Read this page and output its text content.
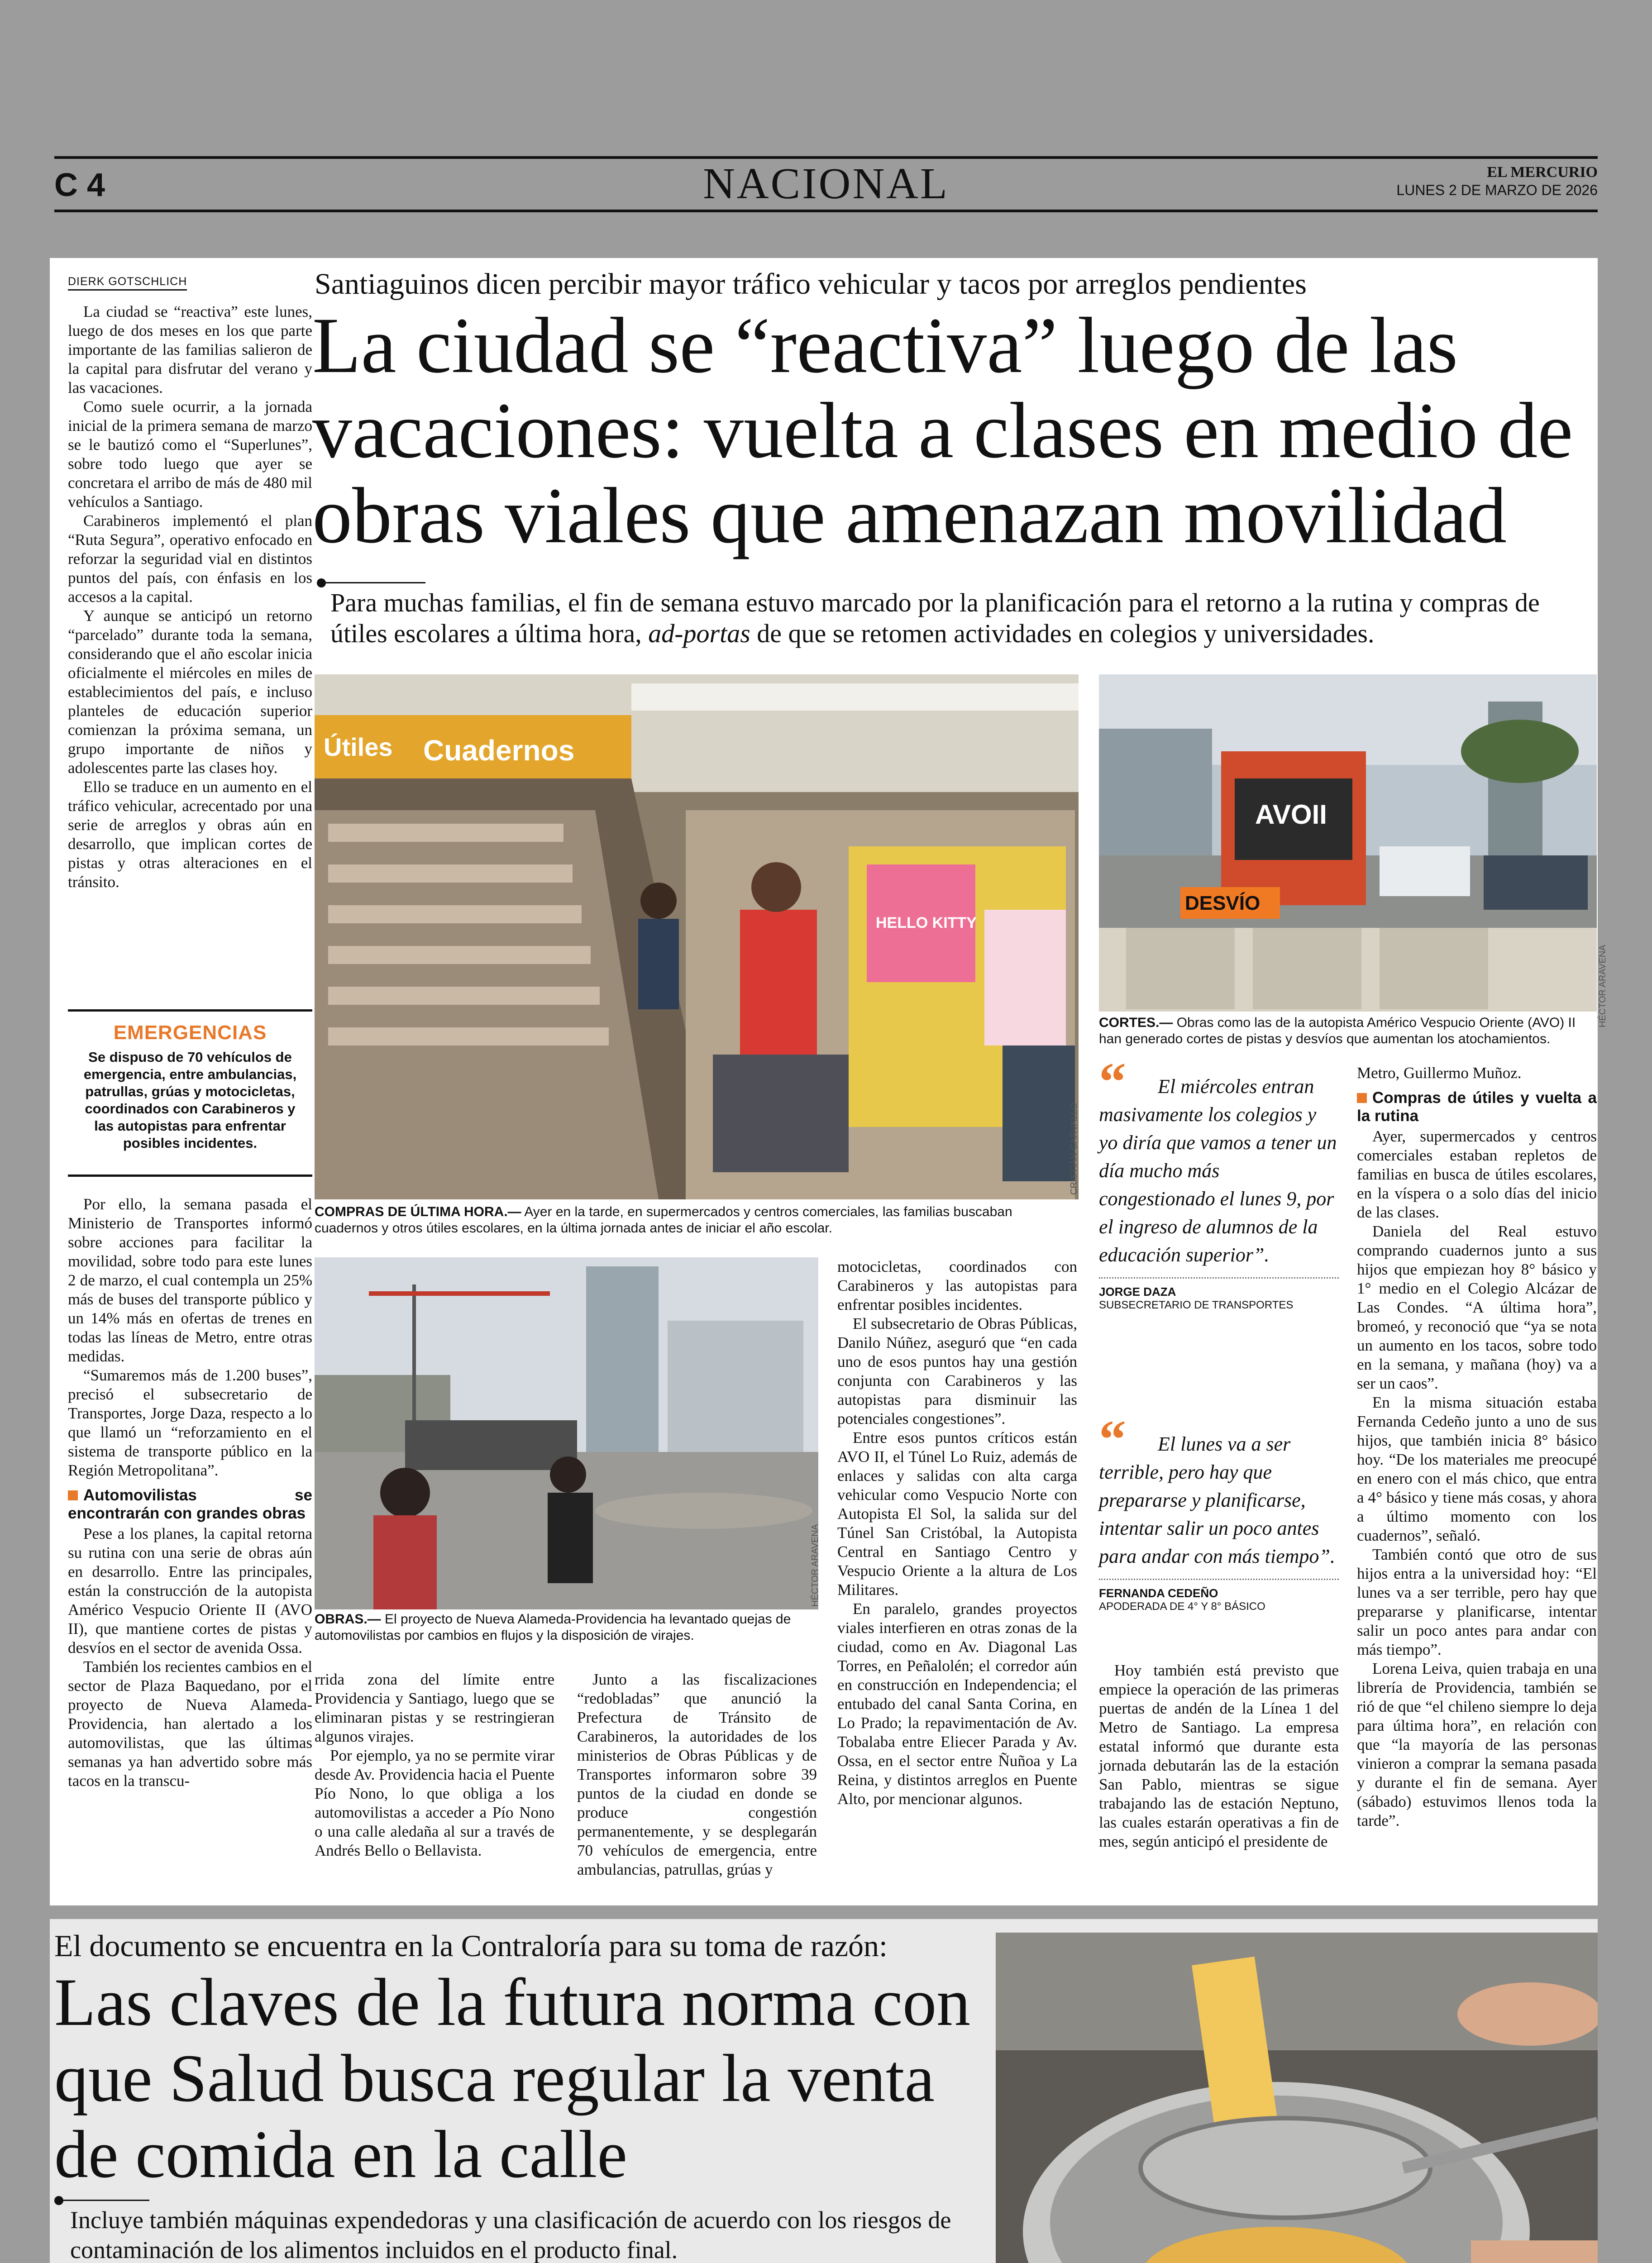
C 4	NACIONAL	EL MERCURIO
LUNES 2 DE MARZO DE 2026
DIERK GOTSCHLICH

La ciudad se “reactiva” este lunes, luego de dos meses en los que parte importante de las familias salieron de la capital para disfrutar del verano y las vacaciones.

Como suele ocurrir, a la jornada inicial de la primera semana de marzo se le bautizó como el “Superlunes”, sobre todo luego que ayer se concretara el arribo de más de 480 mil vehículos a Santiago.

Carabineros implementó el plan “Ruta Segura”, operativo enfocado en reforzar la seguridad vial en distintos puntos del país, con énfasis en los accesos a la capital.

Y aunque se anticipó un retorno “parcelado” durante toda la semana, considerando que el año escolar inicia oficialmente el miércoles en miles de establecimientos del país, e incluso planteles de educación superior comienzan la próxima semana, un grupo importante de niños y adolescentes parte las clases hoy.

Ello se traduce en un aumento en el tráfico vehicular, acrecentado por una serie de arreglos y obras aún en desarrollo, que implican cortes de pistas y otras alteraciones en el tránsito.

EMERGENCIAS
Se dispuso de 70 vehículos de emergencia, entre ambulancias, patrullas, grúas y motocicletas, coordinados con Carabineros y las autopistas para enfrentar posibles incidentes.

Por ello, la semana pasada el Ministerio de Transportes informó sobre acciones para facilitar la movilidad, sobre todo para este lunes 2 de marzo, el cual contempla un 25% más de buses del transporte público y un 14% más en ofertas de trenes en todas las líneas de Metro, entre otras medidas.

“Sumaremos más de 1.200 buses”, precisó el subsecretario de Transportes, Jorge Daza, respecto a lo que llamó un “reforzamiento en el sistema de transporte público en la Región Metropolitana”.

Automovilistas se encontrarán con grandes obras

Pese a los planes, la capital retorna su rutina con una serie de obras aún en desarrollo. Entre las principales, están la construcción de la autopista Américo Vespucio Oriente II (AVO II), que mantiene cortes de pistas y desvíos en el sector de avenida Ossa.

También los recientes cambios en el sector de Plaza Baquedano, por el proyecto de Nueva Alameda-Providencia, han alertado a los automovilistas, que las últimas semanas ya han advertido sobre más tacos en la transcu-

Santiaguinos dicen percibir mayor tráfico vehicular y tacos por arreglos pendientes
La ciudad se “reactiva” luego de las vacaciones: vuelta a clases en medio de obras viales que amenazan movilidad
Para muchas familias, el fin de semana estuvo marcado por la planificación para el retorno a la rutina y compras de útiles escolares a última hora, ad-portas de que se retomen actividades en colegios y universidades.
Cuadernos
Útiles
HELLO KITTY
CRISTIÁN CARVALLO
COMPRAS DE ÚLTIMA HORA.— Ayer en la tarde, en supermercados y centros comerciales, las familias buscaban cuadernos y otros útiles escolares, en la última jornada antes de iniciar el año escolar.
AVOII
DESVÍO
HÉCTOR ARAVENA
CORTES.— Obras como las de la autopista Américo Vespucio Oriente (AVO) II han generado cortes de pistas y desvíos que aumentan los atochamientos.
HÉCTOR ARAVENA
OBRAS.— El proyecto de Nueva Alameda-Providencia ha levantado quejas de automovilistas por cambios en flujos y la disposición de virajes.

rrida zona del límite entre Providencia y Santiago, luego que se eliminaran pistas y se restringieran algunos virajes.

Por ejemplo, ya no se permite virar desde Av. Providencia hacia el Puente Pío Nono, lo que obliga a los automovilistas a acceder a Pío Nono o una calle aledaña al sur a través de Andrés Bello o Bellavista.

Junto a las fiscalizaciones “redobladas” que anunció la Prefectura de Tránsito de Carabineros, la autoridades de los ministerios de Obras Públicas y de Transportes informaron sobre 39 puntos de la ciudad en donde se produce congestión permanentemente, y se desplegarán 70 vehículos de emergencia, entre ambulancias, patrullas, grúas y

motocicletas, coordinados con Carabineros y las autopistas para enfrentar posibles incidentes.

El subsecretario de Obras Públicas, Danilo Núñez, aseguró que “en cada uno de esos puntos hay una gestión conjunta con Carabineros y las autopistas para disminuir las potenciales congestiones”.

Entre esos puntos críticos están AVO II, el Túnel Lo Ruiz, además de enlaces y salidas con alta carga vehicular como Vespucio Norte con Autopista El Sol, la salida sur del Túnel San Cristóbal, la Autopista Central en Santiago Centro y Vespucio Oriente a la altura de Los Militares.

En paralelo, grandes proyectos viales interfieren en otras zonas de la ciudad, como en Av. Diagonal Las Torres, en Peñalolén; el corredor aún en construcción en Independencia; el entubado del canal Santa Corina, en Lo Prado; la repavimentación de Av. Tobalaba entre Eliecer Parada y Av. Ossa, en el sector entre Ñuñoa y La Reina, y distintos arreglos en Puente Alto, por mencionar algunos.

“	El miércoles entran masivamente los colegios y yo diría que vamos a tener un día mucho más congestionado el lunes 9, por el ingreso de alumnos de la educación superior”.
JORGE DAZA
SUBSECRETARIO DE TRANSPORTES
“	El lunes va a ser terrible, pero hay que prepararse y planificarse, intentar salir un poco antes para andar con más tiempo”.
FERNANDA CEDEÑO
APODERADA DE 4° Y 8° BÁSICO

Hoy también está previsto que empiece la operación de las primeras puertas de andén de la Línea 1 del Metro de Santiago. La empresa estatal informó que durante esta jornada debutarán las de la estación San Pablo, mientras se sigue trabajando las de estación Neptuno, las cuales estarán operativas a fin de mes, según anticipó el presidente de

Metro, Guillermo Muñoz.

Compras de útiles y vuelta a la rutina

Ayer, supermercados y centros comerciales estaban repletos de familias en busca de útiles escolares, en la víspera o a solo días del inicio de las clases.

Daniela del Real estuvo comprando cuadernos junto a sus hijos que empiezan hoy 8° básico y 1° medio en el Colegio Alcázar de Las Condes. “A última hora”, bromeó, y reconoció que “ya se nota un aumento en los tacos, sobre todo en la semana, y mañana (hoy) va a ser un caos”.

En la misma situación estaba Fernanda Cedeño junto a uno de sus hijos, que también inicia 8° básico hoy. “De los materiales me preocupé en enero con el más chico, que entra a 4° básico y tiene más cosas, y ahora a último momento con los cuadernos”, señaló.

También contó que otro de sus hijos entra a la universidad hoy: “El lunes va a ser terrible, pero hay que prepararse y planificarse, intentar salir un poco antes para andar con más tiempo”.

Lorena Leiva, quien trabaja en una librería de Providencia, también se rió de que “el chileno siempre lo deja para última hora”, en relación con que “la mayoría de las personas vinieron a comprar la semana pasada y durante el fin de semana. Ayer (sábado) estuvimos llenos toda la tarde”.

El documento se encuentra en la Contraloría para su toma de razón:
Las claves de la futura norma con que Salud busca regular la venta de comida en la calle
Incluye también máquinas expendedoras y una clasificación de acuerdo con los riesgos de contaminación de los alimentos incluidos en el producto final.
